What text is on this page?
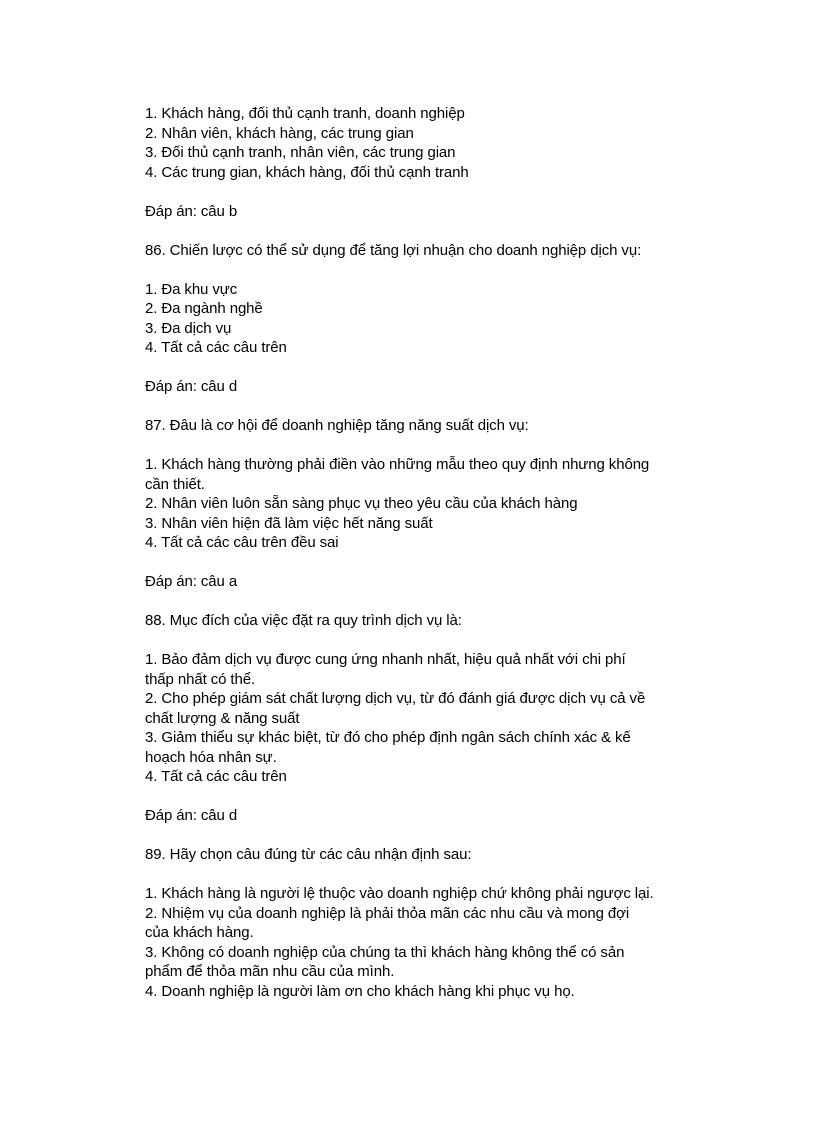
1. Khách hàng, đối thủ cạnh tranh, doanh nghiệp
2. Nhân viên, khách hàng, các trung gian
3. Đối thủ cạnh tranh, nhân viên, các trung gian
4. Các trung gian, khách hàng, đối thủ cạnh tranh
Đáp án: câu b
86. Chiến lược có thể sử dụng để tăng lợi nhuận cho doanh nghiệp dịch vụ:
1. Đa khu vực
2. Đa ngành nghề
3. Đa dịch vụ
4. Tất cả các câu trên
Đáp án: câu d
87. Đâu là cơ hội để doanh nghiệp tăng năng suất dịch vụ:
1. Khách hàng thường phải điền vào những mẫu theo quy định nhưng không
cần thiết.
2. Nhân viên luôn sẵn sàng phục vụ theo yêu cầu của khách hàng
3. Nhân viên hiện đã làm việc hết năng suất
4. Tất cả các câu trên đều sai
Đáp án: câu a
88. Mục đích của việc đặt ra quy trình dịch vụ là:
1. Bảo đảm dịch vụ được cung ứng nhanh nhất, hiệu quả nhất với chi phí
thấp nhất có thể.
2. Cho phép giám sát chất lượng dịch vụ, từ đó đánh giá được dịch vụ cả về
chất lượng & năng suất
3. Giảm thiểu sự khác biệt, từ đó cho phép định ngân sách chính xác & kế
hoạch hóa nhân sự.
4. Tất cả các câu trên
Đáp án: câu d
89. Hãy chọn câu đúng từ các câu nhận định sau:
1. Khách hàng là người lệ thuộc vào doanh nghiệp chứ không phải ngược lại.
2. Nhiệm vụ của doanh nghiệp là phải thỏa mãn các nhu cầu và mong đợi
của khách hàng.
3. Không có doanh nghiệp của chúng ta thì khách hàng không thể có sản
phẩm để thỏa mãn nhu cầu của mình.
4. Doanh nghiệp là người làm ơn cho khách hàng khi phục vụ họ.
